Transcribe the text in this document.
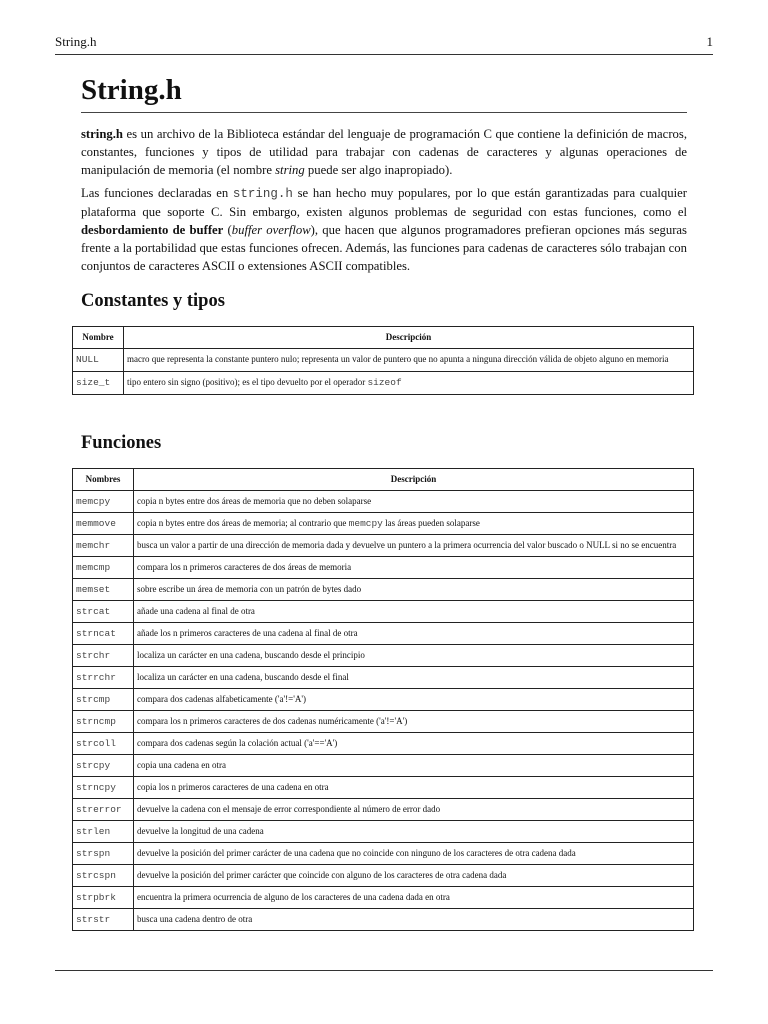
String.h	1
String.h

string.h es un archivo de la Biblioteca estándar del lenguaje de programación C que contiene la definición de macros, constantes, funciones y tipos de utilidad para trabajar con cadenas de caracteres y algunas operaciones de manipulación de memoria (el nombre string puede ser algo inapropiado).

Las funciones declaradas en string.h se han hecho muy populares, por lo que están garantizadas para cualquier plataforma que soporte C. Sin embargo, existen algunos problemas de seguridad con estas funciones, como el desbordamiento de buffer (buffer overflow), que hacen que algunos programadores prefieran opciones más seguras frente a la portabilidad que estas funciones ofrecen. Además, las funciones para cadenas de caracteres sólo trabajan con conjuntos de caracteres ASCII o extensiones ASCII compatibles.

Constantes y tipos
Nombre	Descripción
NULL	macro que representa la constante puntero nulo; representa un valor de puntero que no apunta a ninguna dirección válida de objeto alguno en memoria
size_t	tipo entero sin signo (positivo); es el tipo devuelto por el operador sizeof
Funciones
Nombres	Descripción
memcpy	copia n bytes entre dos áreas de memoria que no deben solaparse
memmove	copia n bytes entre dos áreas de memoria; al contrario que memcpy las áreas pueden solaparse
memchr	busca un valor a partir de una dirección de memoria dada y devuelve un puntero a la primera ocurrencia del valor buscado o NULL si no se encuentra
memcmp	compara los n primeros caracteres de dos áreas de memoria
memset	sobre escribe un área de memoria con un patrón de bytes dado
strcat	añade una cadena al final de otra
strncat	añade los n primeros caracteres de una cadena al final de otra
strchr	localiza un carácter en una cadena, buscando desde el principio
strrchr	localiza un carácter en una cadena, buscando desde el final
strcmp	compara dos cadenas alfabeticamente ('a'!='A')
strncmp	compara los n primeros caracteres de dos cadenas numéricamente ('a'!='A')
strcoll	compara dos cadenas según la colación actual ('a'=='A')
strcpy	copia una cadena en otra
strncpy	copia los n primeros caracteres de una cadena en otra
strerror	devuelve la cadena con el mensaje de error correspondiente al número de error dado
strlen	devuelve la longitud de una cadena
strspn	devuelve la posición del primer carácter de una cadena que no coincide con ninguno de los caracteres de otra cadena dada
strcspn	devuelve la posición del primer carácter que coincide con alguno de los caracteres de otra cadena dada
strpbrk	encuentra la primera ocurrencia de alguno de los caracteres de una cadena dada en otra
strstr	busca una cadena dentro de otra
